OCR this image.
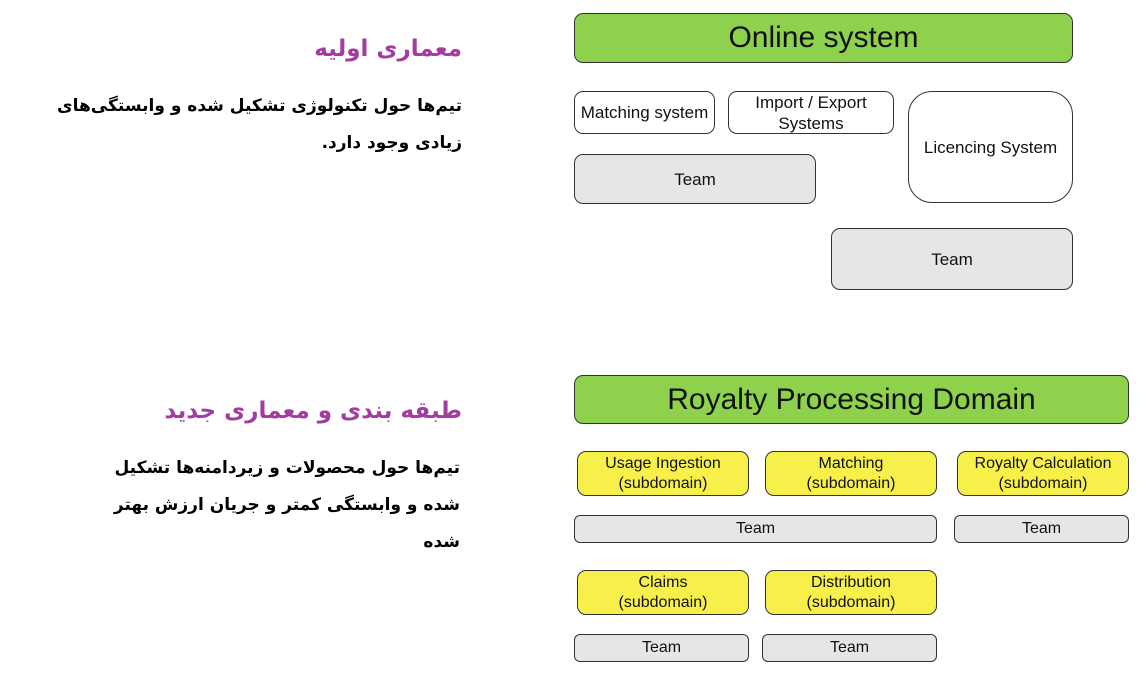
معماری اولیه
تیم‌ها حول تکنولوژی تشکیل شده و وابستگی‌های
زیادی وجود دارد.
Online system
Matching system
Import / Export
Systems
Licencing System
Team
Team
طبقه بندی و معماری جدید
تیم‌ها حول محصولات و زیردامنه‌ها تشکیل
شده و وابستگی کمتر و جریان ارزش بهتر
شده
Royalty Processing Domain
Usage Ingestion
(subdomain)
Matching
(subdomain)
Royalty Calculation
(subdomain)
Team	Team
Claims
(subdomain)
Distribution
(subdomain)
Team	Team
